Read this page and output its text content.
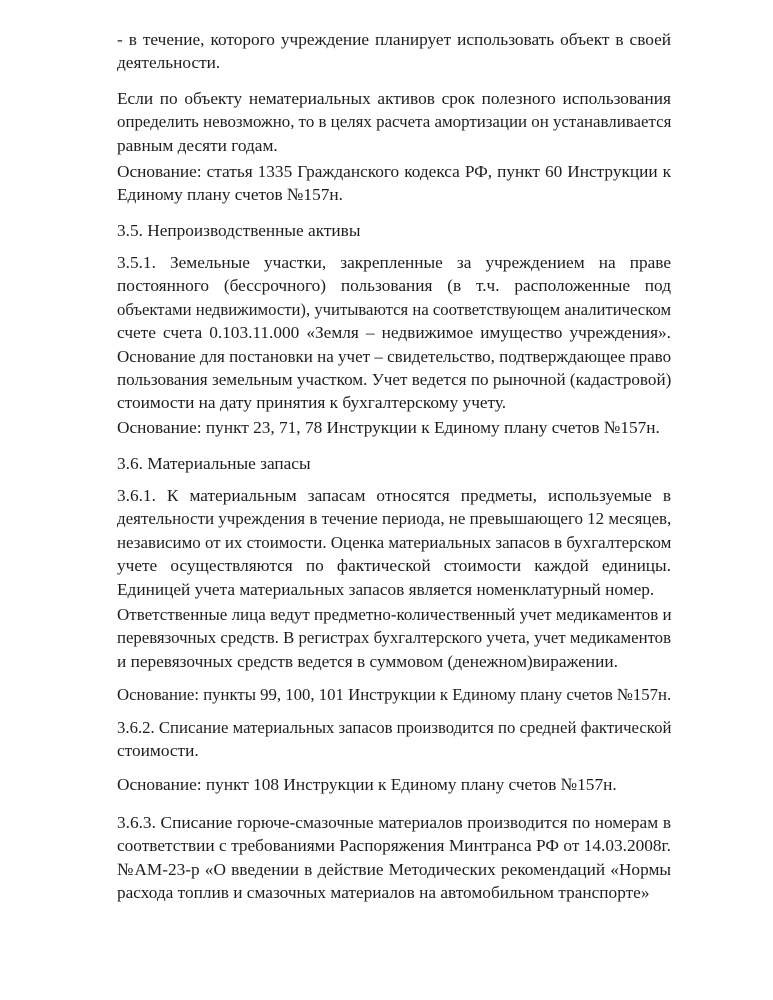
- в течение, которого учреждение планирует использовать объект в своей
деятельности.

Если по объекту нематериальных активов срок полезного использования
определить невозможно, то в целях расчета амортизации он устанавливается
равным десяти годам.

Основание: статья 1335 Гражданского кодекса РФ, пункт 60 Инструкции к
Единому плану счетов №157н.

3.5. Непроизводственные активы

3.5.1. Земельные участки, закрепленные за учреждением на праве
постоянного (бессрочного) пользования (в т.ч. расположенные под
объектами недвижимости), учитываются на соответствующем аналитическом
счете счета 0.103.11.000 «Земля – недвижимое имущество учреждения».
Основание для постановки на учет – свидетельство, подтверждающее право
пользования земельным участком. Учет ведется по рыночной (кадастровой)
стоимости на дату принятия к бухгалтерскому учету.

Основание: пункт 23, 71, 78 Инструкции к Единому плану счетов №157н.

3.6. Материальные запасы

3.6.1. К материальным запасам относятся предметы, используемые в
деятельности учреждения в течение периода, не превышающего 12 месяцев,
независимо от их стоимости. Оценка материальных запасов в бухгалтерском
учете осуществляются по фактической стоимости каждой единицы.
Единицей учета материальных запасов является номенклатурный номер.

Ответственные лица ведут предметно-количественный учет медикаментов и
перевязочных средств. В регистрах бухгалтерского учета, учет медикаментов
и перевязочных средств ведется в суммовом (денежном)виражении.

Основание: пункты 99, 100, 101 Инструкции к Единому плану счетов №157н.

3.6.2. Списание материальных запасов производится по средней фактической
стоимости.

Основание: пункт 108 Инструкции к Единому плану счетов №157н.

3.6.3. Списание горюче-смазочные материалов производится по номерам в
соответствии с требованиями Распоряжения Минтранса РФ от 14.03.2008г.
№АМ-23-р «О введении в действие Методических рекомендаций «Нормы
расхода топлив и смазочных материалов на автомобильном транспорте»
